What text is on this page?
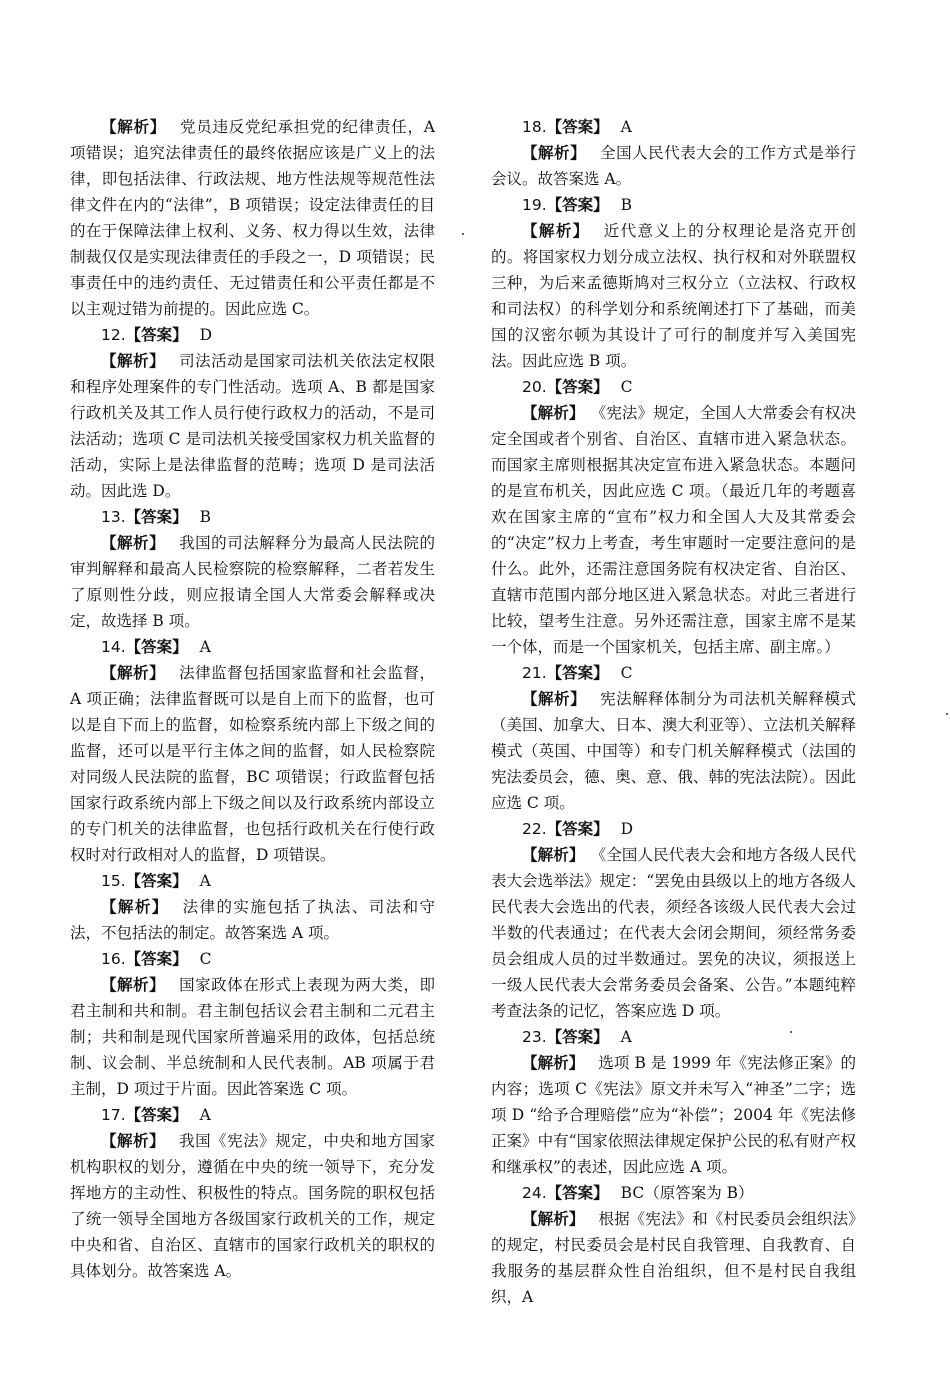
【解析】 党员违反党纪承担党的纪律责任，A 项错误；追究法律责任的最终依据应该是广义上的法律，即包括法律、行政法规、地方性法规等规范性法律文件在内的“法律”，B 项错误；设定法律责任的目的在于保障法律上权利、义务、权力得以生效，法律制裁仅仅是实现法律责任的手段之一，D 项错误；民事责任中的违约责任、无过错责任和公平责任都是不以主观过错为前提的。因此应选 C。

12.【答案】 D

【解析】 司法活动是国家司法机关依法定权限和程序处理案件的专门性活动。选项 A、B 都是国家行政机关及其工作人员行使行政权力的活动，不是司法活动；选项 C 是司法机关接受国家权力机关监督的活动，实际上是法律监督的范畴；选项 D 是司法活动。因此选 D。

13.【答案】 B

【解析】 我国的司法解释分为最高人民法院的审判解释和最高人民检察院的检察解释，二者若发生了原则性分歧，则应报请全国人大常委会解释或决定，故选择 B 项。

14.【答案】 A

【解析】 法律监督包括国家监督和社会监督，A 项正确；法律监督既可以是自上而下的监督，也可以是自下而上的监督，如检察系统内部上下级之间的监督，还可以是平行主体之间的监督，如人民检察院对同级人民法院的监督，BC 项错误；行政监督包括国家行政系统内部上下级之间以及行政系统内部设立的专门机关的法律监督，也包括行政机关在行使行政权时对行政相对人的监督，D 项错误。

15.【答案】 A

【解析】 法律的实施包括了执法、司法和守法，不包括法的制定。故答案选 A 项。

16.【答案】 C

【解析】 国家政体在形式上表现为两大类，即君主制和共和制。君主制包括议会君主制和二元君主制；共和制是现代国家所普遍采用的政体，包括总统制、议会制、半总统制和人民代表制。AB 项属于君主制，D 项过于片面。因此答案选 C 项。

17.【答案】 A

【解析】 我国《宪法》规定，中央和地方国家机构职权的划分，遵循在中央的统一领导下，充分发挥地方的主动性、积极性的特点。国务院的职权包括了统一领导全国地方各级国家行政机关的工作，规定中央和省、自治区、直辖市的国家行政机关的职权的具体划分。故答案选 A。

18.【答案】 A

【解析】 全国人民代表大会的工作方式是举行会议。故答案选 A。

19.【答案】 B

【解析】 近代意义上的分权理论是洛克开创的。将国家权力划分成立法权、执行权和对外联盟权三种，为后来孟德斯鸠对三权分立（立法权、行政权和司法权）的科学划分和系统阐述打下了基础，而美国的汉密尔顿为其设计了可行的制度并写入美国宪法。因此应选 B 项。

20.【答案】 C

【解析】 《宪法》规定，全国人大常委会有权决定全国或者个别省、自治区、直辖市进入紧急状态。而国家主席则根据其决定宣布进入紧急状态。本题问的是宣布机关，因此应选 C 项。（最近几年的考题喜欢在国家主席的“宣布”权力和全国人大及其常委会的“决定”权力上考查，考生审题时一定要注意问的是什么。此外，还需注意国务院有权决定省、自治区、直辖市范围内部分地区进入紧急状态。对此三者进行比较，望考生注意。另外还需注意，国家主席不是某一个体，而是一个国家机关，包括主席、副主席。）

21.【答案】 C

【解析】 宪法解释体制分为司法机关解释模式（美国、加拿大、日本、澳大利亚等）、立法机关解释模式（英国、中国等）和专门机关解释模式（法国的宪法委员会，德、奥、意、俄、韩的宪法法院）。因此应选 C 项。

22.【答案】 D

【解析】 《全国人民代表大会和地方各级人民代表大会选举法》规定：“罢免由县级以上的地方各级人民代表大会选出的代表，须经各该级人民代表大会过半数的代表通过；在代表大会闭会期间，须经常务委员会组成人员的过半数通过。罢免的决议，须报送上一级人民代表大会常务委员会备案、公告。”本题纯粹考查法条的记忆，答案应选 D 项。

23.【答案】 A

【解析】 选项 B 是 1999 年《宪法修正案》的内容；选项 C《宪法》原文并未写入“神圣”二字；选项 D “给予合理赔偿”应为“补偿”；2004 年《宪法修正案》中有“国家依照法律规定保护公民的私有财产权和继承权”的表述，因此应选 A 项。

24.【答案】 BC（原答案为 B）

【解析】 根据《宪法》和《村民委员会组织法》的规定，村民委员会是村民自我管理、自我教育、自我服务的基层群众性自治组织，但不是村民自我组织，A
